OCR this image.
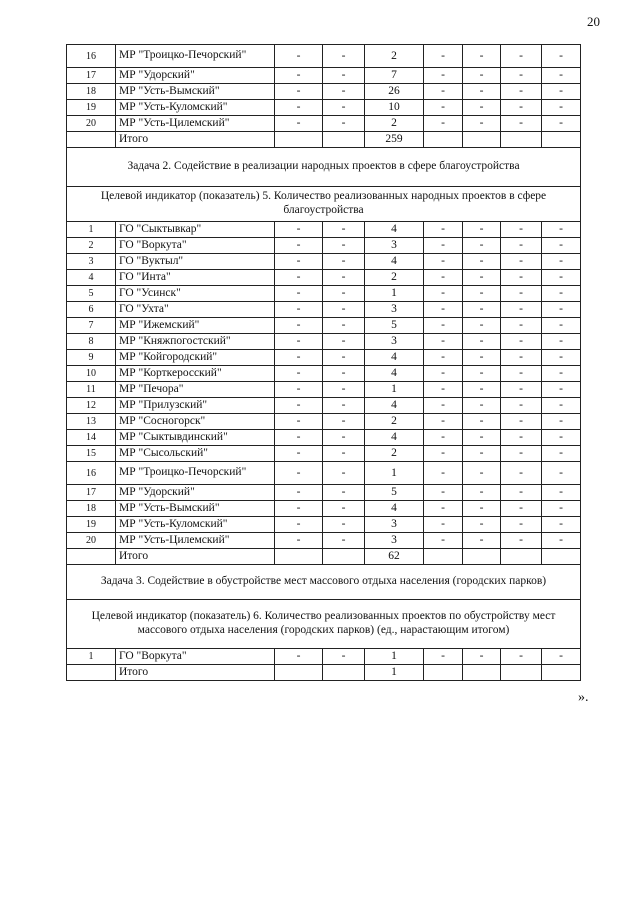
20
16	МР "Троицко-Печорский"	-	-	2	-	-	-	-
17	МР "Удорский"	-	-	7	-	-	-	-
18	МР "Усть-Вымский"	-	-	26	-	-	-	-
19	МР "Усть-Куломский"	-	-	10	-	-	-	-
20	МР "Усть-Цилемский"	-	-	2	-	-	-	-
	Итого			259				
Задача 2. Содействие в реализации народных проектов в сфере благоустройства								
Целевой индикатор (показатель) 5. Количество реализованных народных проектов в сфере благоустройства								
1	ГО "Сыктывкар"	-	-	4	-	-	-	-
2	ГО "Воркута"	-	-	3	-	-	-	-
3	ГО "Вуктыл"	-	-	4	-	-	-	-
4	ГО "Инта"	-	-	2	-	-	-	-
5	ГО "Усинск"	-	-	1	-	-	-	-
6	ГО "Ухта"	-	-	3	-	-	-	-
7	МР "Ижемский"	-	-	5	-	-	-	-
8	МР "Княжпогостский"	-	-	3	-	-	-	-
9	МР "Койгородский"	-	-	4	-	-	-	-
10	МР "Корткеросский"	-	-	4	-	-	-	-
11	МР "Печора"	-	-	1	-	-	-	-
12	МР "Прилузский"	-	-	4	-	-	-	-
13	МР "Сосногорск"	-	-	2	-	-	-	-
14	МР "Сыктывдинский"	-	-	4	-	-	-	-
15	МР "Сысольский"	-	-	2	-	-	-	-
16	МР "Троицко-Печорский"	-	-	1	-	-	-	-
17	МР "Удорский"	-	-	5	-	-	-	-
18	МР "Усть-Вымский"	-	-	4	-	-	-	-
19	МР "Усть-Куломский"	-	-	3	-	-	-	-
20	МР "Усть-Цилемский"	-	-	3	-	-	-	-
	Итого			62				
Задача 3. Содействие в обустройстве мест массового отдыха населения (городских парков)								
Целевой индикатор (показатель) 6. Количество реализованных проектов по обустройству мест массового отдыха населения (городских парков) (ед., нарастающим итогом)								
1	ГО "Воркута"	-	-	1	-	-	-	-
	Итого			1				
».
